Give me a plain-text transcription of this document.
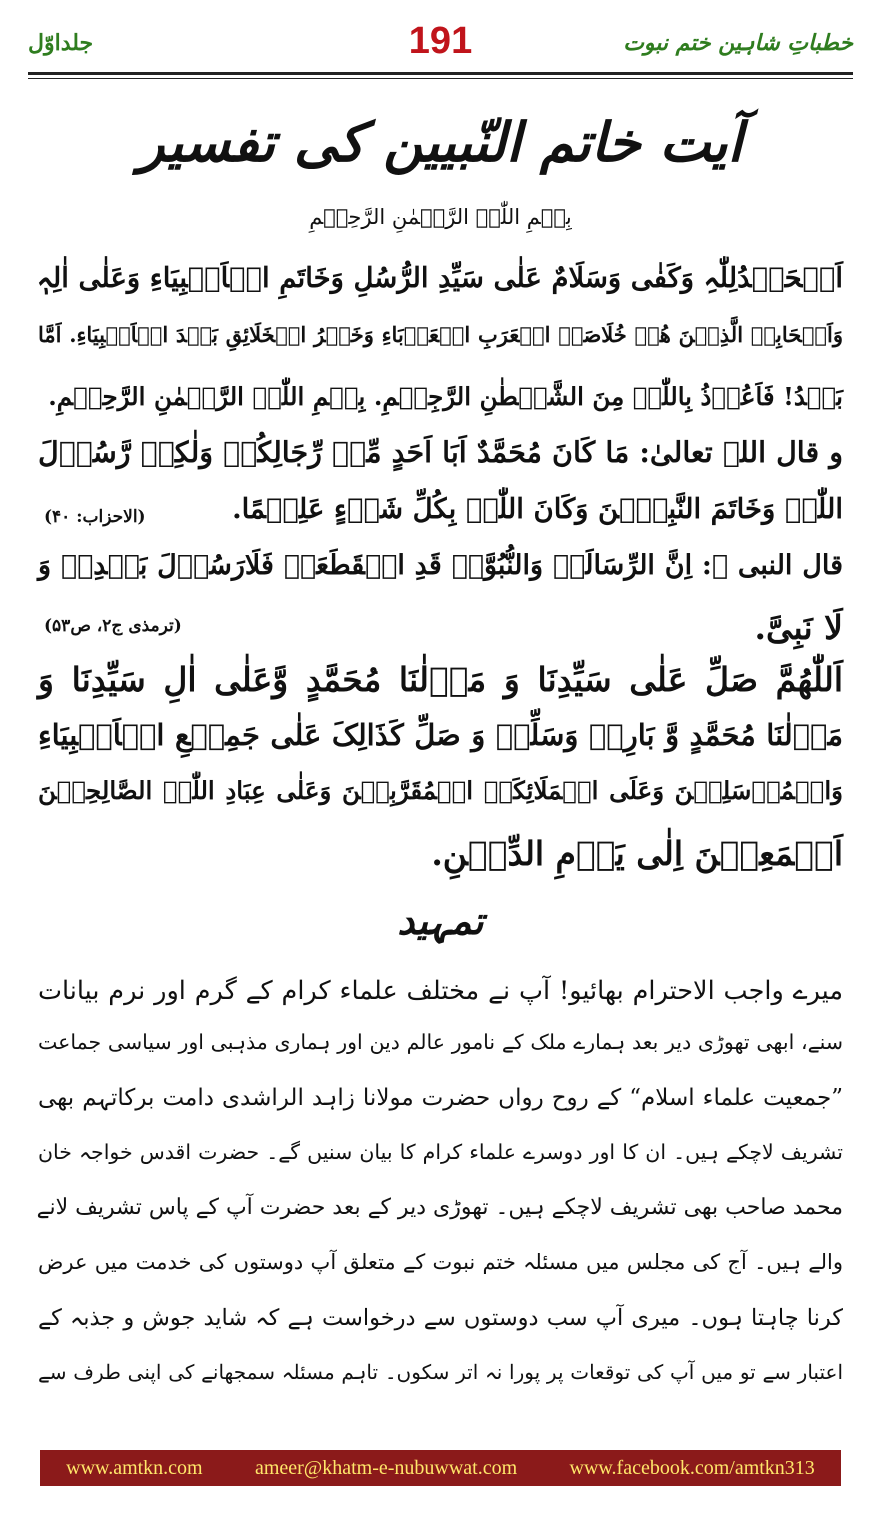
جلداوّل	191	خطباتِ شاہین ختم نبوت
آیت خاتم النّبیین کی تفسیر
بِسۡمِ اللّٰہِ الرَّحۡمٰنِ الرَّحِیۡمِ
اَلۡحَمۡدُلِلّٰہِ وَکَفٰی وَسَلَامٌ عَلٰی سَیِّدِ الرُّسُلِ وَخَاتَمِ الۡاَنۡبِیَاءِ وَعَلٰی اٰلِہٖ
وَاَصۡحَابِہِ الَّذِیۡنَ ھُمۡ خُلَاصَۃُ الۡعَرَبِ الۡعَرۡبَاءِ وَخَیۡرُ الۡخَلَائِقِ بَعۡدَ الۡاَنۡبِیَاءِ. اَمَّا
بَعۡدُ! فَاَعُوۡذُ بِاللّٰہِ مِنَ الشَّیۡطٰنِ الرَّجِیۡمِ. بِسۡمِ اللّٰہِ الرَّحۡمٰنِ الرَّحِیۡمِ.
و قال اللہ تعالیٰ: مَا کَانَ مُحَمَّدٌ اَبَا اَحَدٍ مِّنۡ رِّجَالِکُمۡ وَلٰکِنۡ رَّسُوۡلَ
اللّٰہِ وَخَاتَمَ النَّبِیّٖنَ وَکَانَ اللّٰہُ بِکُلِّ شَیۡءٍ عَلِیۡمًا.
(الاحزاب: ۴۰)
قال النبی ﷺ: اِنَّ الرِّسَالَۃَ وَالنُّبُوَّۃَ قَدِ انۡقَطَعَتۡ فَلَارَسُوۡلَ بَعۡدِیۡ وَ
لَا نَبِیَّ.
(ترمذی ج۲، ص۵۳)
اَللّٰھُمَّ صَلِّ عَلٰی سَیِّدِنَا وَ مَوۡلٰنَا مُحَمَّدٍ وَّعَلٰی اٰلِ سَیِّدِنَا وَ
مَوۡلٰنَا مُحَمَّدٍ وَّ بَارِکۡ وَسَلِّمۡ وَ صَلِّ کَذَالِکَ عَلٰی جَمِیۡعِ الۡاَنۡبِیَاءِ
وَالۡمُرۡسَلِیۡنَ وَعَلَی الۡمَلَائِکَۃِ الۡمُقَرَّبِیۡنَ وَعَلٰی عِبَادِ اللّٰہِ الصَّالِحِیۡنَ
اَجۡمَعِیۡنَ اِلٰی یَوۡمِ الدِّیۡنِ.
تمہید
میرے واجب الاحترام بھائیو! آپ نے مختلف علماء کرام کے گرم اور نرم بیانات
سنے، ابھی تھوڑی دیر بعد ہمارے ملک کے نامور عالم دین اور ہماری مذہبی اور سیاسی جماعت
”جمعیت علماء اسلام“ کے روح رواں حضرت مولانا زاہد الراشدی دامت برکاتہم بھی
تشریف لاچکے ہیں۔ ان کا اور دوسرے علماء کرام کا بیان سنیں گے۔ حضرت اقدس خواجہ خان
محمد صاحب بھی تشریف لاچکے ہیں۔ تھوڑی دیر کے بعد حضرت آپ کے پاس تشریف لانے
والے ہیں۔ آج کی مجلس میں مسئلہ ختم نبوت کے متعلق آپ دوستوں کی خدمت میں عرض
کرنا چاہتا ہوں۔ میری آپ سب دوستوں سے درخواست ہے کہ شاید جوش و جذبہ کے
اعتبار سے تو میں آپ کی توقعات پر پورا نہ اتر سکوں۔ تاہم مسئلہ سمجھانے کی اپنی طرف سے
www.amtkn.com	ameer@khatm-e-nubuwwat.com	www.facebook.com/amtkn313
